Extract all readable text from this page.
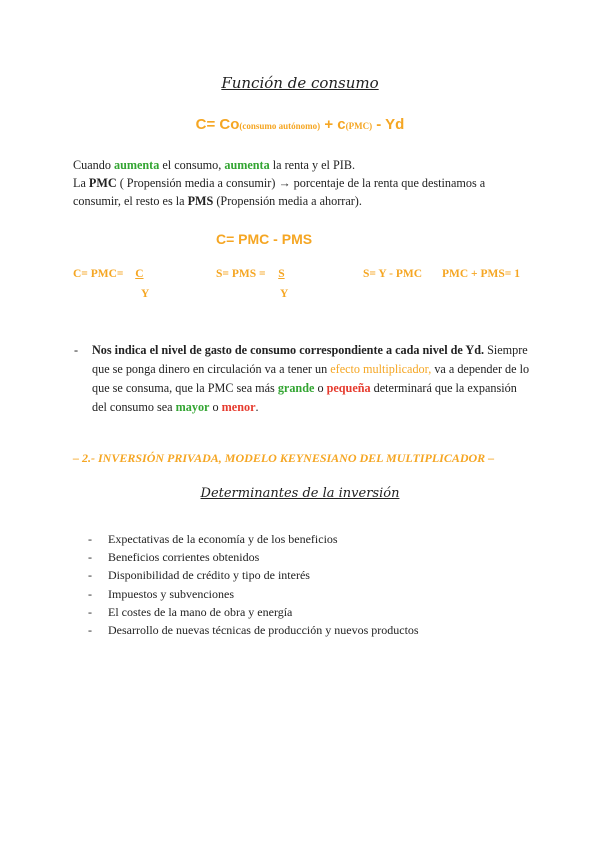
Función de consumo
C= Co(consumo autónomo) + c(PMC) - Yd
Cuando aumenta el consumo, aumenta la renta y el PIB.
La PMC ( Propensión media a consumir) → porcentaje de la renta que destinamos a consumir, el resto es la PMS (Propensión media a ahorrar).
C= PMC - PMS
C= PMC= C
Y
S= PMS = S
Y
S= Y - PMC PMC + PMS= 1
- Nos indica el nivel de gasto de consumo correspondiente a cada nivel de Yd. Siempre que se ponga dinero en circulación va a tener un efecto multiplicador, va a depender de lo que se consuma, que la PMC sea más grande o pequeña determinará que la expansión del consumo sea mayor o menor.
– 2.- INVERSIÓN PRIVADA, MODELO KEYNESIANO DEL MULTIPLICADOR –
Determinantes de la inversión
- Expectativas de la economía y de los beneficios
- Beneficios corrientes obtenidos
- Disponibilidad de crédito y tipo de interés
- Impuestos y subvenciones
- El costes de la mano de obra y energía
- Desarrollo de nuevas técnicas de producción y nuevos productos
